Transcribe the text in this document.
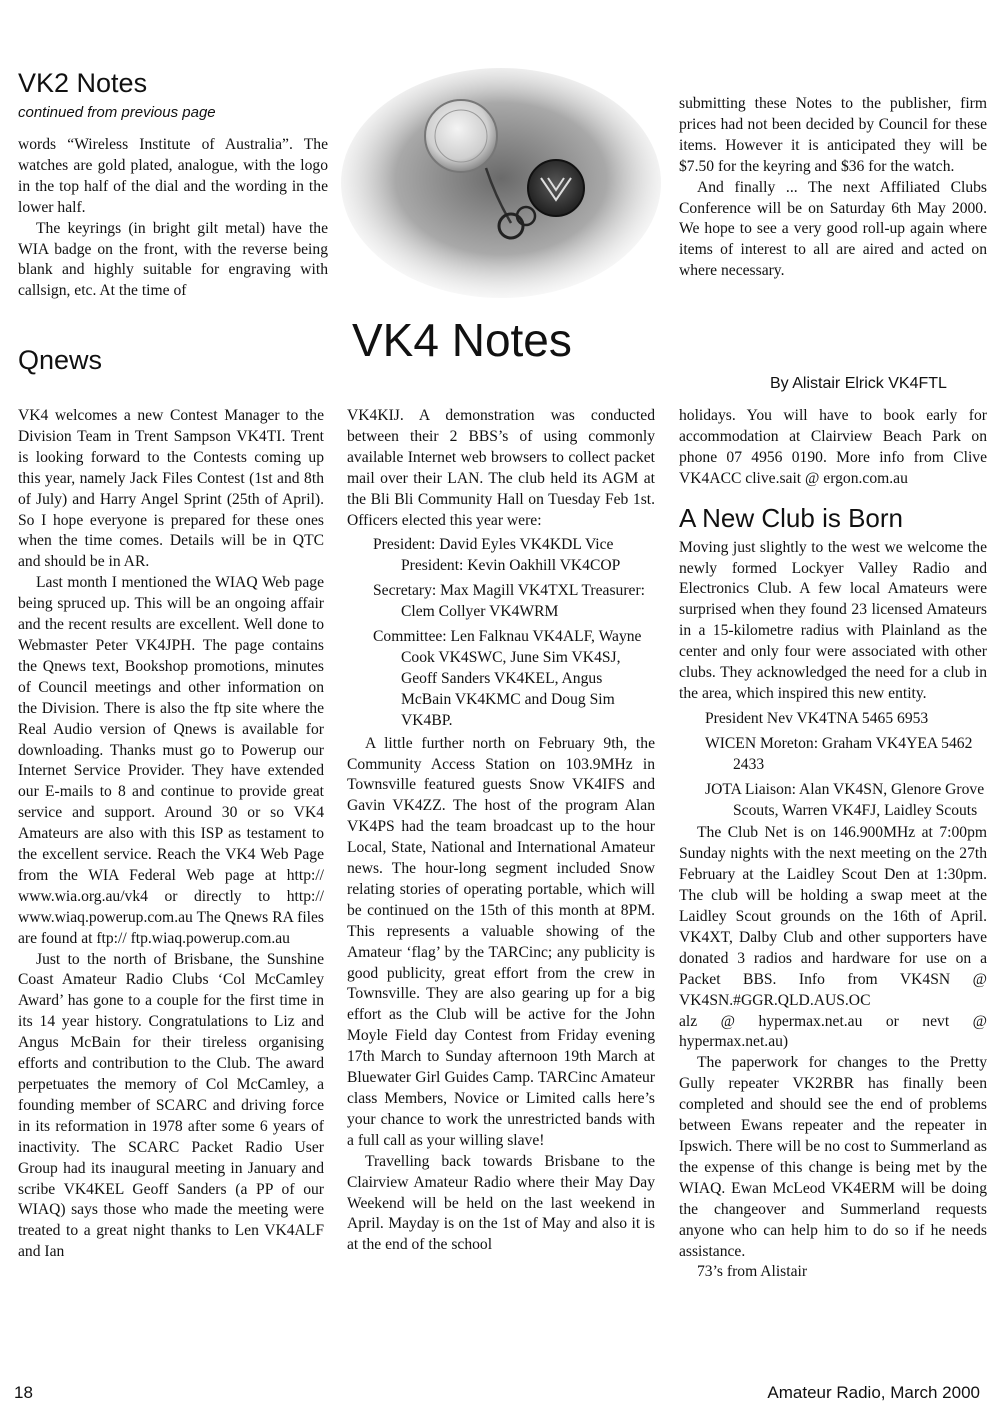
VK2 Notes
continued from previous page

words “Wireless Institute of Australia”. The watches are gold plated, analogue, with the logo in the top half of the dial and the wording in the lower half.

The keyrings (in bright gilt metal) have the WIA badge on the front, with the reverse being blank and highly suitable for engraving with callsign, etc. At the time of

submitting these Notes to the publisher, firm prices had not been decided by Council for these items. However it is anticipated they will be $7.50 for the keyring and $36 for the watch.

And finally ... The next Affiliated Clubs Conference will be on Saturday 6th May 2000. We hope to see a very good roll-up again where items of interest to all are aired and acted on where necessary.

VK4 Notes
Qnews
By Alistair Elrick VK4FTL

VK4 welcomes a new Contest Manager to the Division Team in Trent Sampson VK4TI. Trent is looking forward to the Contests coming up this year, namely Jack Files Contest (1st and 8th of July) and Harry Angel Sprint (25th of April). So I hope everyone is prepared for these ones when the time comes. Details will be in QTC and should be in AR.

Last month I mentioned the WIAQ Web page being spruced up. This will be an ongoing affair and the recent results are excellent. Well done to Webmaster Peter VK4JPH. The page contains the Qnews text, Bookshop promotions, minutes of Council meetings and other information on the Division. There is also the ftp site where the Real Audio version of Qnews is available for downloading. Thanks must go to Powerup our Internet Service Provider. They have extended our E-mails to 8 and continue to provide great service and support. Around 30 or so VK4 Amateurs are also with this ISP as testament to the excellent service. Reach the VK4 Web Page from the WIA Federal Web page at http:// www.wia.org.au/vk4 or directly to http:// www.wiaq.powerup.com.au The Qnews RA files are found at ftp:// ftp.wiaq.powerup.com.au

Just to the north of Brisbane, the Sunshine Coast Amateur Radio Clubs ‘Col McCamley Award’ has gone to a couple for the first time in its 14 year history. Congratulations to Liz and Angus McBain for their tireless organising efforts and contribution to the Club. The award perpetuates the memory of Col McCamley, a founding member of SCARC and driving force in its reformation in 1978 after some 6 years of inactivity. The SCARC Packet Radio User Group had its inaugural meeting in January and scribe VK4KEL Geoff Sanders (a PP of our WIAQ) says those who made the meeting were treated to a great night thanks to Len VK4ALF and Ian

VK4KIJ. A demonstration was conducted between their 2 BBS’s of using commonly available Internet web browsers to collect packet mail over their LAN. The club held its AGM at the Bli Bli Community Hall on Tuesday Feb 1st. Officers elected this year were:

President: David Eyles VK4KDL Vice President: Kevin Oakhill VK4COP

Secretary: Max Magill VK4TXL Treasurer: Clem Collyer VK4WRM

Committee: Len Falknau VK4ALF, Wayne Cook VK4SWC, June Sim VK4SJ, Geoff Sanders VK4KEL, Angus McBain VK4KMC and Doug Sim VK4BP.

A little further north on February 9th, the Community Access Station on 103.9MHz in Townsville featured guests Snow VK4IFS and Gavin VK4ZZ. The host of the program Alan VK4PS had the team broadcast up to the hour Local, State, National and International Amateur news. The hour-long segment included Snow relating stories of operating portable, which will be continued on the 15th of this month at 8PM. This represents a valuable showing of the Amateur ‘flag’ by the TARCinc; any publicity is good publicity, great effort from the crew in Townsville. They are also gearing up for a big effort as the Club will be active for the John Moyle Field day Contest from Friday evening 17th March to Sunday afternoon 19th March at Bluewater Girl Guides Camp. TARCinc Amateur class Members, Novice or Limited calls here’s your chance to work the unrestricted bands with a full call as your willing slave!

Travelling back towards Brisbane to the Clairview Amateur Radio where their May Day Weekend will be held on the last weekend in April. Mayday is on the 1st of May and also it is at the end of the school

holidays. You will have to book early for accommodation at Clairview Beach Park on phone 07 4956 0190. More info from Clive VK4ACC clive.sait @ ergon.com.au

A New Club is Born

Moving just slightly to the west we welcome the newly formed Lockyer Valley Radio and Electronics Club. A few local Amateurs were surprised when they found 23 licensed Amateurs in a 15-kilometre radius with Plainland as the center and only four were associated with other clubs. They acknowledged the need for a club in the area, which inspired this new entity.

President Nev VK4TNA 5465 6953

WICEN Moreton: Graham VK4YEA 5462 2433

JOTA Liaison: Alan VK4SN, Glenore Grove Scouts, Warren VK4FJ, Laidley Scouts

The Club Net is on 146.900MHz at 7:00pm Sunday nights with the next meeting on the 27th February at the Laidley Scout Den at 1:30pm. The club will be holding a swap meet at the Laidley Scout grounds on the 16th of April. VK4XT, Dalby Club and other supporters have donated 3 radios and hardware for use on a Packet BBS. Info from VK4SN @ VK4SN.#GGR.QLD.AUS.OC

alz @ hypermax.net.au or nevt @ hypermax.net.au)

The paperwork for changes to the Pretty Gully repeater VK2RBR has finally been completed and should see the end of problems between Ewans repeater and the repeater in Ipswich. There will be no cost to Summerland as the expense of this change is being met by the WIAQ. Ewan McLeod VK4ERM will be doing the changeover and Summerland requests anyone who can help him to do so if he needs assistance.

73’s from Alistair

18	Amateur Radio, March 2000
